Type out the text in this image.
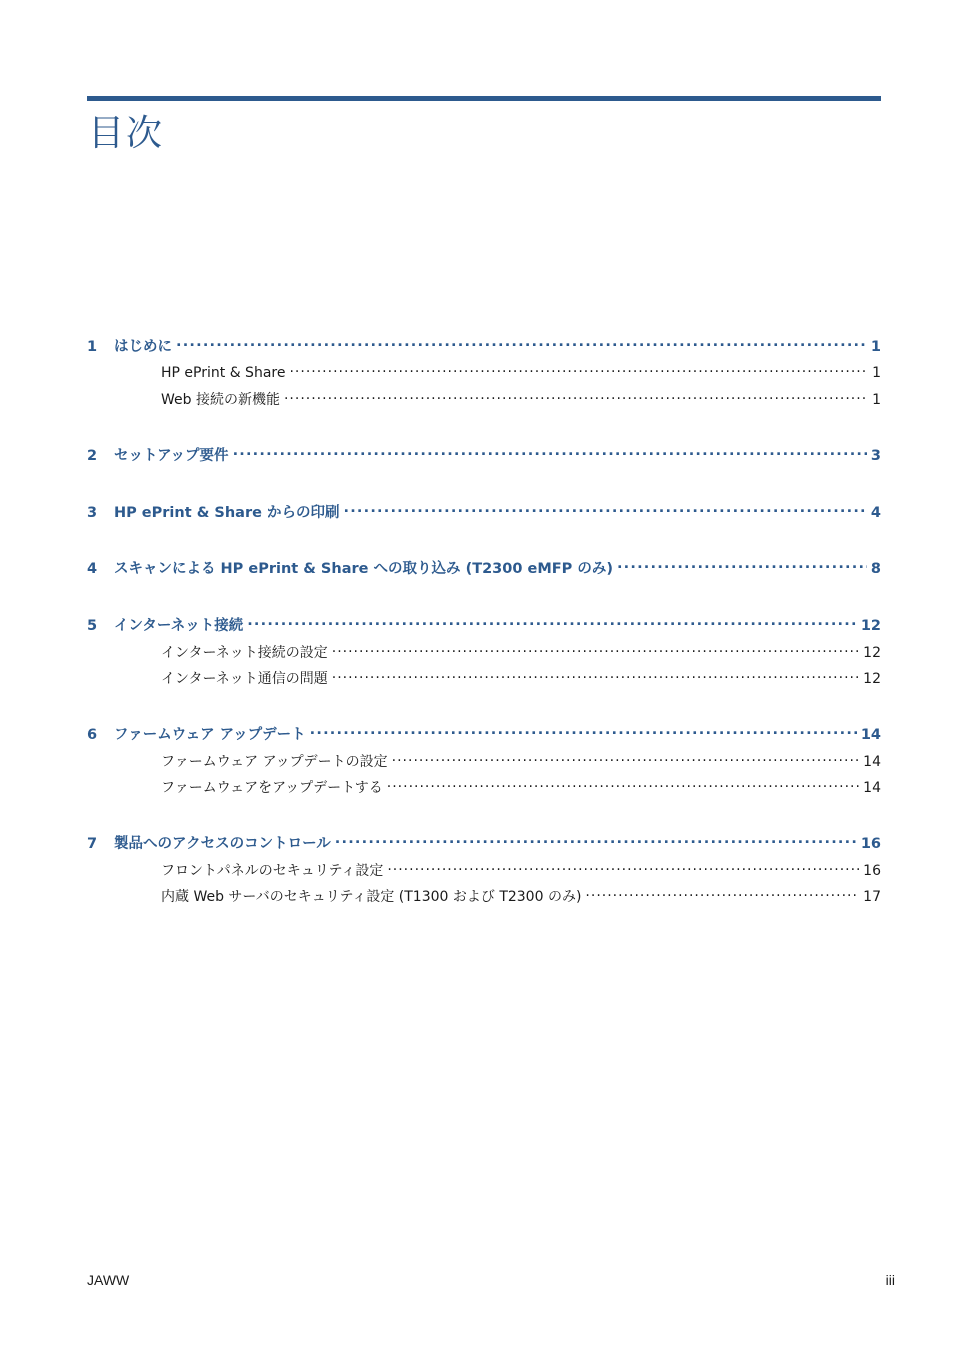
目次
1	はじめに .....	1
HP ePrint & Share .....	1
Web 接続の新機能 .....	1
2	セットアップ要件 .....	3
3	HP ePrint & Share からの印刷 .....	4
4	スキャンによる HP ePrint & Share への取り込み (T2300 eMFP のみ) .....	8
5	インターネット接続 .....	12
インターネット接続の設定 .....	12
インターネット通信の問題 .....	12
6	ファームウェア アップデート .....	14
ファームウェア アップデートの設定 .....	14
ファームウェアをアップデートする .....	14
7	製品へのアクセスのコントロール .....	16
フロントパネルのセキュリティ設定 .....	16
内蔵 Web サーバのセキュリティ設定 (T1300 および T2300 のみ) .....	17
JAWW	iii
